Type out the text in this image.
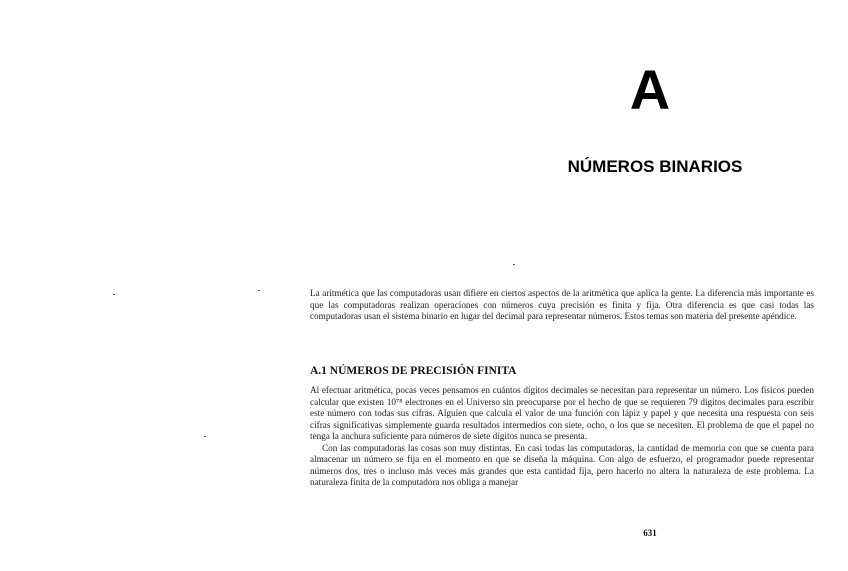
A
NÚMEROS BINARIOS

La aritmética que las computadoras usan difiere en ciertos aspectos de la aritmética que aplica la gente. La diferencia más importante es que las computadoras realizan operaciones con números cuya precisión es finita y fija. Otra diferencia es que casi todas las computadoras usan el sistema binario en lugar del decimal para representar números. Estos temas son materia del presente apéndice.

A.1 NÚMEROS DE PRECISIÓN FINITA

Al efectuar aritmética, pocas veces pensamos en cuántos dígitos decimales se necesitan para representar un número. Los físicos pueden calcular que existen 10⁷⁸ electrones en el Universo sin preocuparse por el hecho de que se requieren 79 dígitos decimales para escribir este número con todas sus cifras. Alguien que calcula el valor de una función con lápiz y papel y que necesita una respuesta con seis cifras significativas simplemente guarda resultados intermedios con siete, ocho, o los que se necesiten. El problema de que el papel no tenga la anchura suficiente para números de siete dígitos nunca se presenta.

Con las computadoras las cosas son muy distintas. En casi todas las computadoras, la cantidad de memoria con que se cuenta para almacenar un número se fija en el momento en que se diseña la máquina. Con algo de esfuerzo, el programador puede representar números dos, tres o incluso más veces más grandes que esta cantidad fija, pero hacerlo no altera la naturaleza de este problema. La naturaleza finita de la computadora nos obliga a manejar

631
